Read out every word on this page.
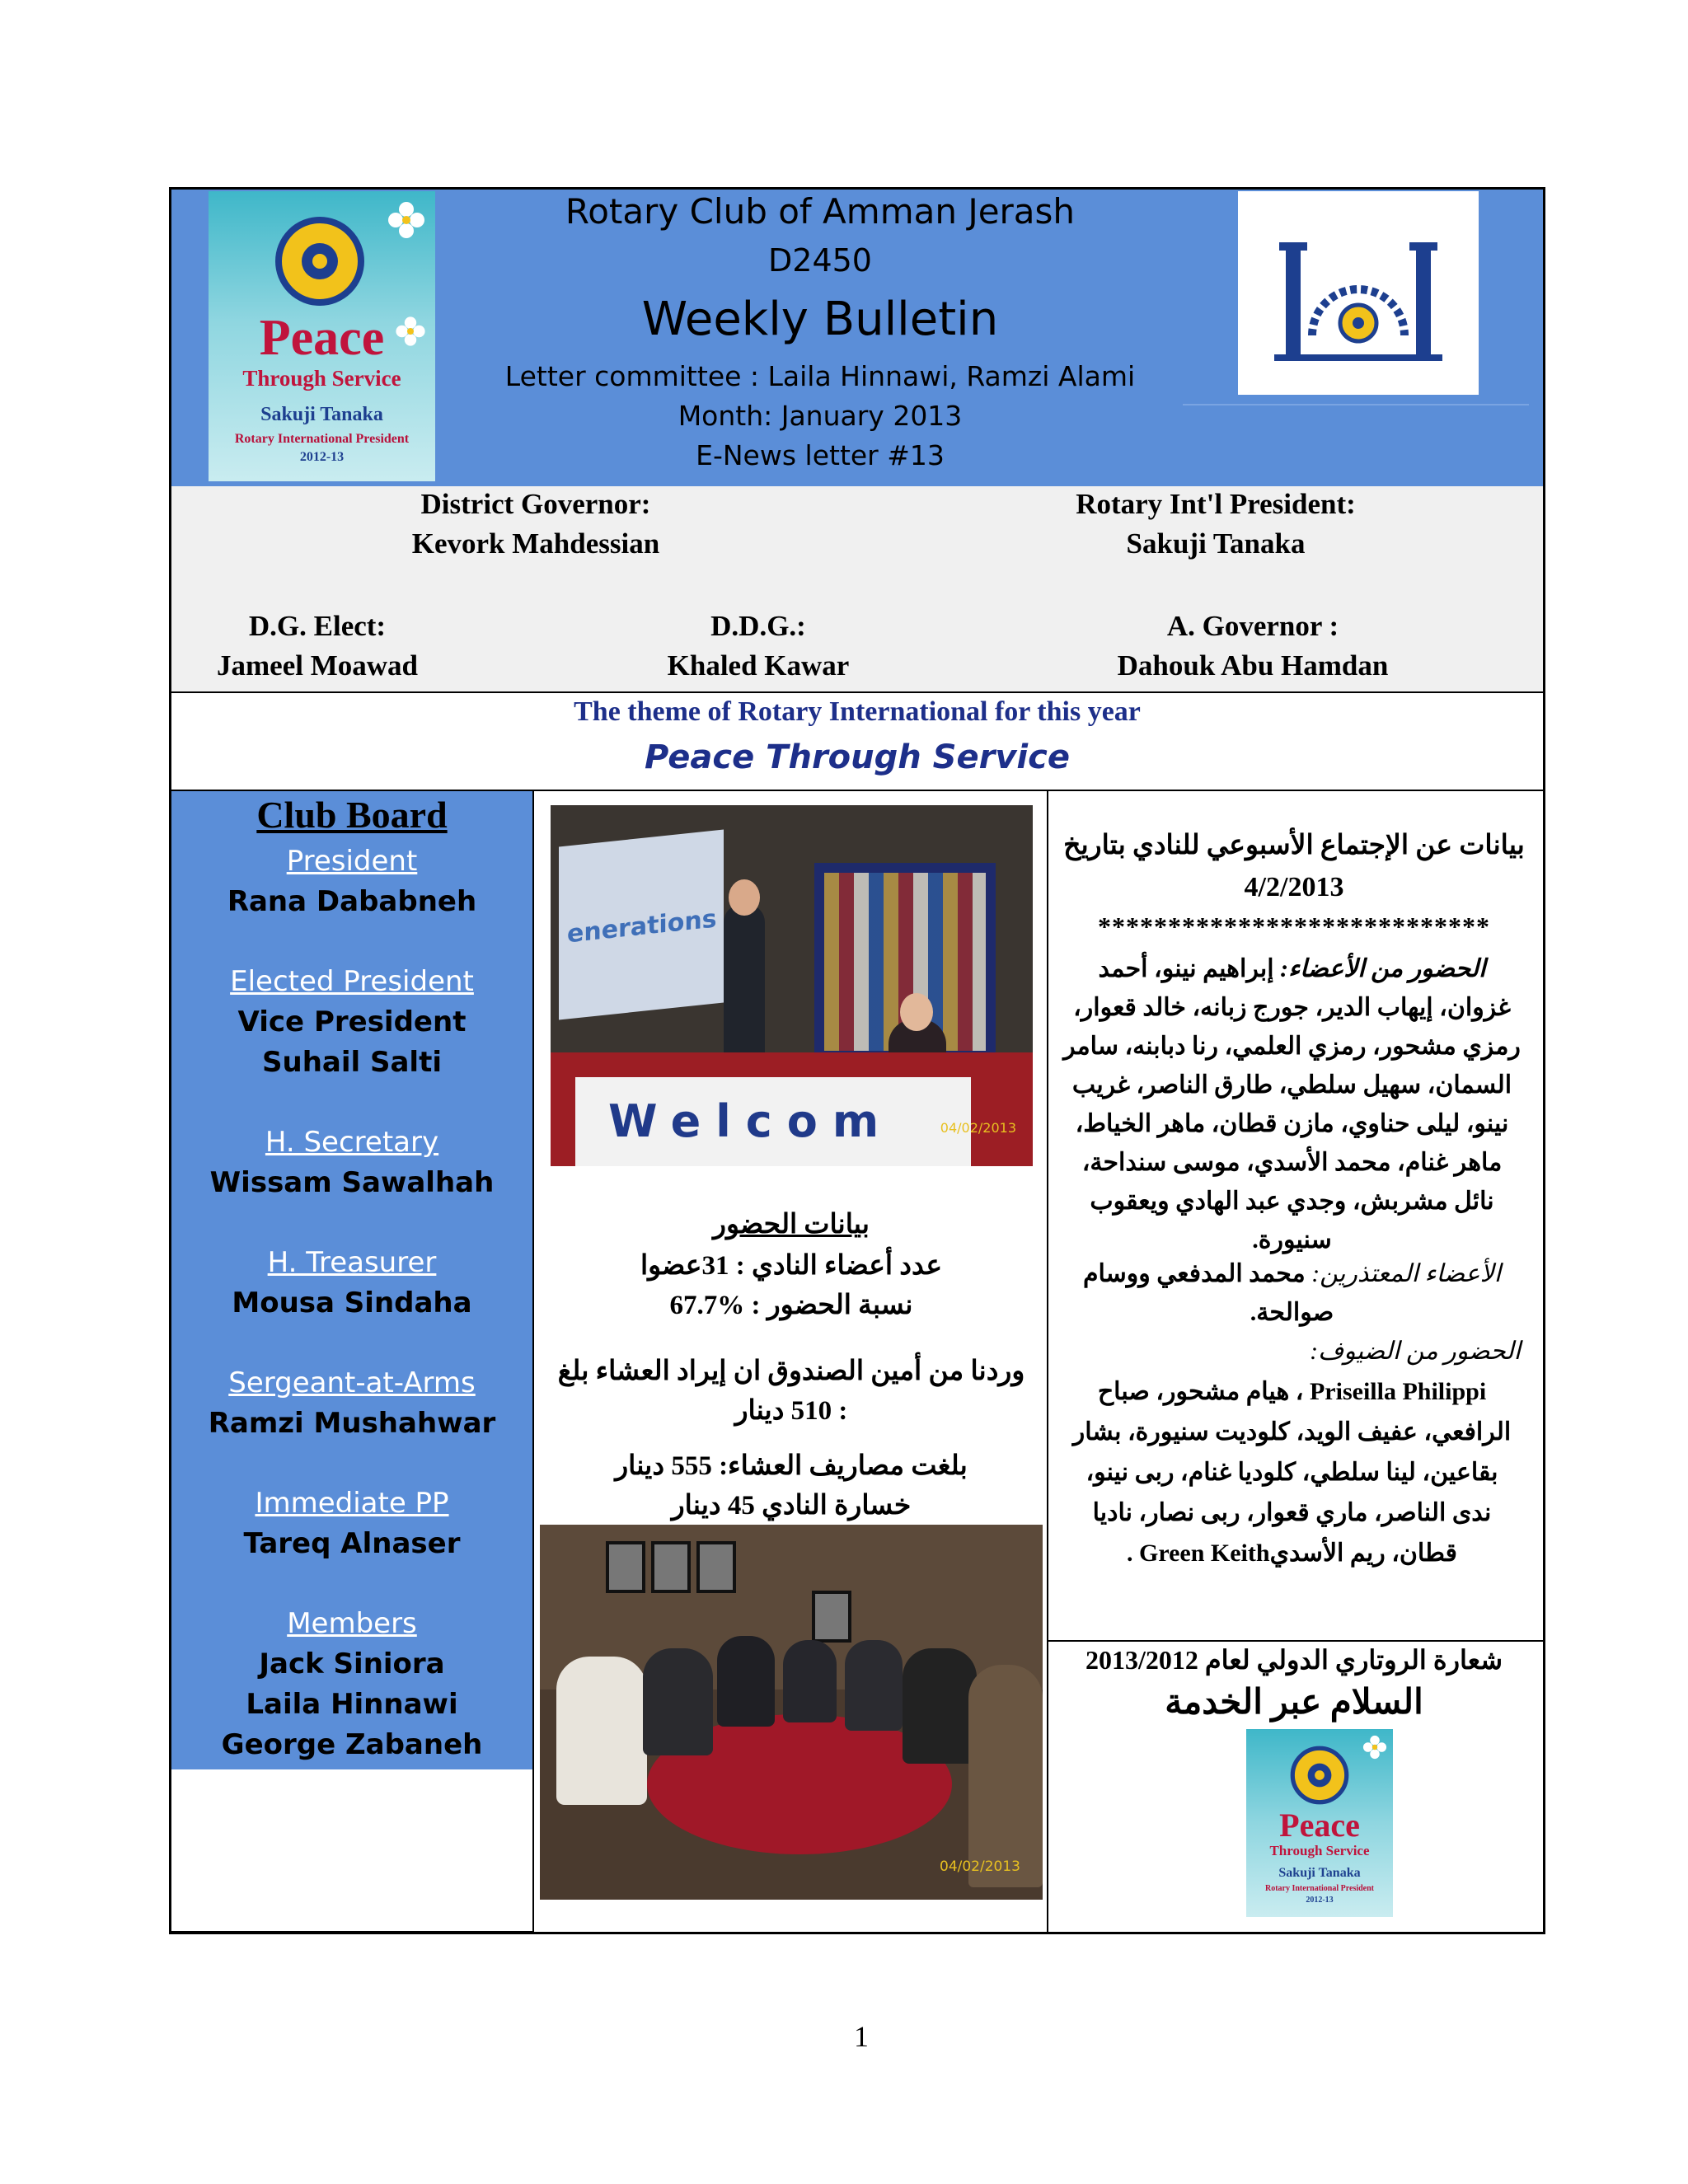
Peace
Through Service
Sakuji Tanaka
Rotary International President
2012-13
Rotary Club of Amman Jerash
D2450
Weekly Bulletin
Letter committee : Laila Hinnawi, Ramzi Alami
Month: January 2013
E-News letter #13
District Governor:
Kevork Mahdessian
Rotary Int'l President:
Sakuji Tanaka
D.G. Elect:
Jameel Moawad
D.D.G.:
Khaled Kawar
A. Governor :
Dahouk Abu Hamdan
The theme of Rotary International for this year
Peace Through Service
Club Board
President
Rana Dababneh
Elected President
Vice President
Suhail Salti
H. Secretary
Wissam Sawalhah
H. Treasurer
Mousa Sindaha
Sergeant-at-Arms
Ramzi Mushahwar
Immediate PP
Tareq Alnaser
Members
Jack Siniora
Laila Hinnawi
George Zabaneh
enerations
Welcom	04/02/2013
بيانات الحضور
عدد أعضاء النادي : 31عضوا
نسبة الحضور : %67.7
وردنا من أمين الصندوق ان إيراد العشاء بلغ : 510 دينار
بلغت مصاريف العشاء: 555 دينار
خسارة النادي 45 دينار
04/02/2013
بيانات عن الإجتماع الأسبوعي للنادي بتاريخ
4/2/2013
****************************
الحضور من الأعضاء: إبراهيم نينو، أحمد غزوان، إيهاب الدير، جورج زبانه، خالد قعوار، رمزي مشحور، رمزي العلمي، رنا دبابنه، سامر السمان، سهيل سلطي، طارق الناصر، غريب نينو، ليلى حناوي، مازن قطان، ماهر الخياط، ماهر غنام، محمد الأسدي، موسى سنداحة، نائل مشربش، وجدي عبد الهادي ويعقوب سنيورة.
الأعضاء المعتذرين: محمد المدفعي ووسام صوالحة.
الحضور من الضيوف:
Priseilla Philippi ، هيام مشحور، صباح الرافعي، عفيف الويد، كلوديت سنيورة، بشار بقاعين، لينا سلطي، كلوديا غنام، ربى نينو، ندى الناصر، ماري قعوار، ربى نصار، ناديا قطان، ريم الأسديGreen Keith .
شعارة الروتاري الدولي لعام 2013/2012
السلام عبر الخدمة
Peace
Through Service
Sakuji Tanaka
Rotary International President
2012-13
1
